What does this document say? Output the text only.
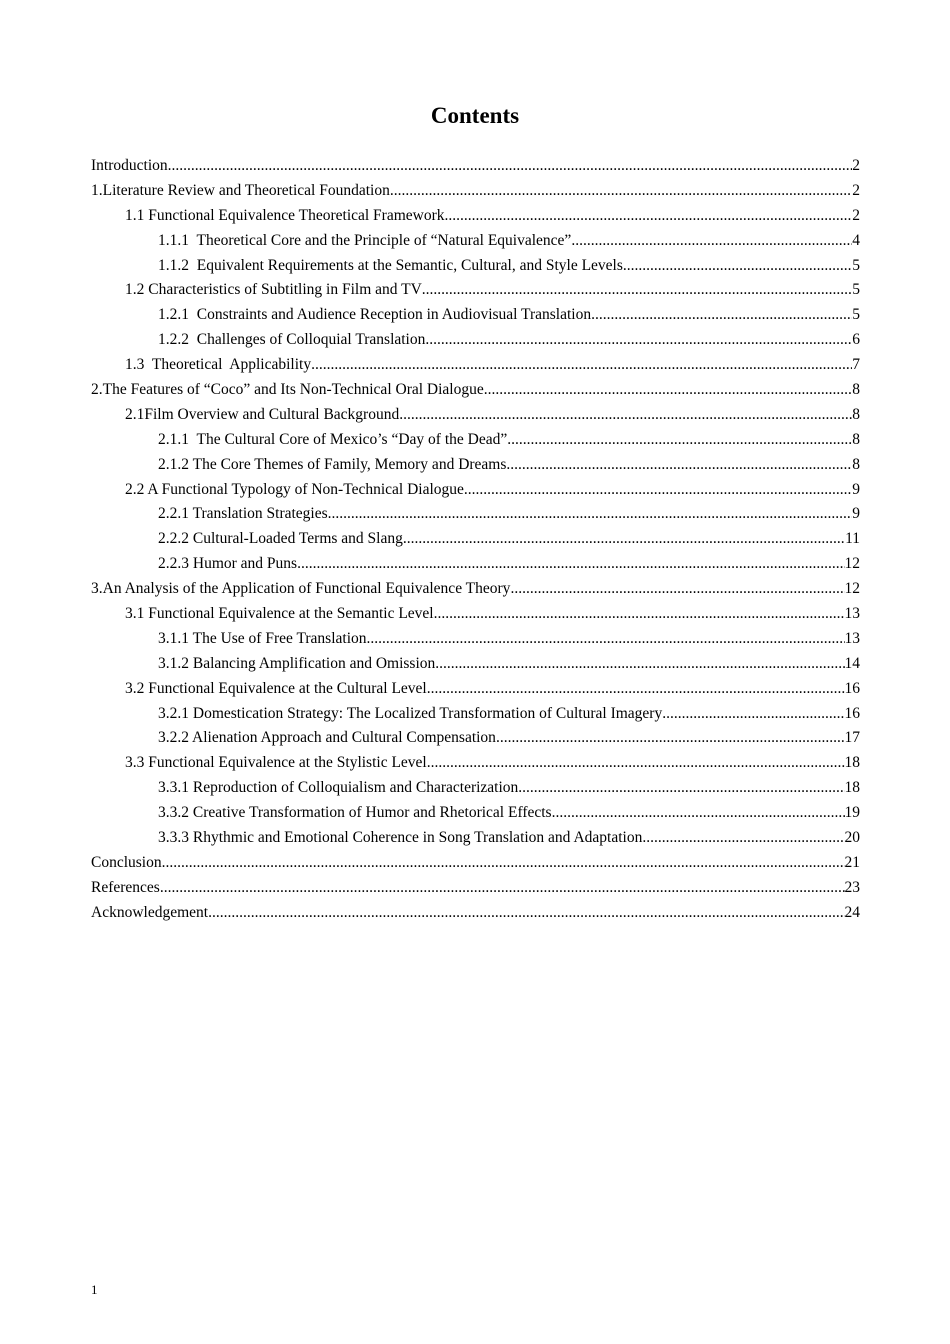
Contents
Introduction .....	2
1.Literature Review and Theoretical Foundation .....	2
1.1 Functional Equivalence Theoretical Framework .....	2
1.1.1  Theoretical Core and the Principle of “Natural Equivalence” .....	4
1.1.2  Equivalent Requirements at the Semantic, Cultural, and Style Levels .....	5
1.2 Characteristics of Subtitling in Film and TV .....	5
1.2.1  Constraints and Audience Reception in Audiovisual Translation .....	5
1.2.2  Challenges of Colloquial Translation .....	6
1.3  Theoretical  Applicability .....	7
2.The Features of “Coco” and Its Non-Technical Oral Dialogue .....	8
2.1Film Overview and Cultural Background .....	8
2.1.1  The Cultural Core of Mexico’s “Day of the Dead” .....	8
2.1.2 The Core Themes of Family, Memory and Dreams .....	8
2.2 A Functional Typology of Non-Technical Dialogue .....	9
2.2.1 Translation Strategies .....	9
2.2.2 Cultural-Loaded Terms and Slang .....	11
2.2.3 Humor and Puns .....	12
3.An Analysis of the Application of Functional Equivalence Theory .....	12
3.1 Functional Equivalence at the Semantic Level .....	13
3.1.1 The Use of Free Translation .....	13
3.1.2 Balancing Amplification and Omission .....	14
3.2 Functional Equivalence at the Cultural Level .....	16
3.2.1 Domestication Strategy: The Localized Transformation of Cultural Imagery .....	16
3.2.2 Alienation Approach and Cultural Compensation .....	17
3.3 Functional Equivalence at the Stylistic Level .....	18
3.3.1 Reproduction of Colloquialism and Characterization .....	18
3.3.2 Creative Transformation of Humor and Rhetorical Effects .....	19
3.3.3 Rhythmic and Emotional Coherence in Song Translation and Adaptation .....	20
Conclusion .....	21
References .....	23
Acknowledgement .....	24
1
